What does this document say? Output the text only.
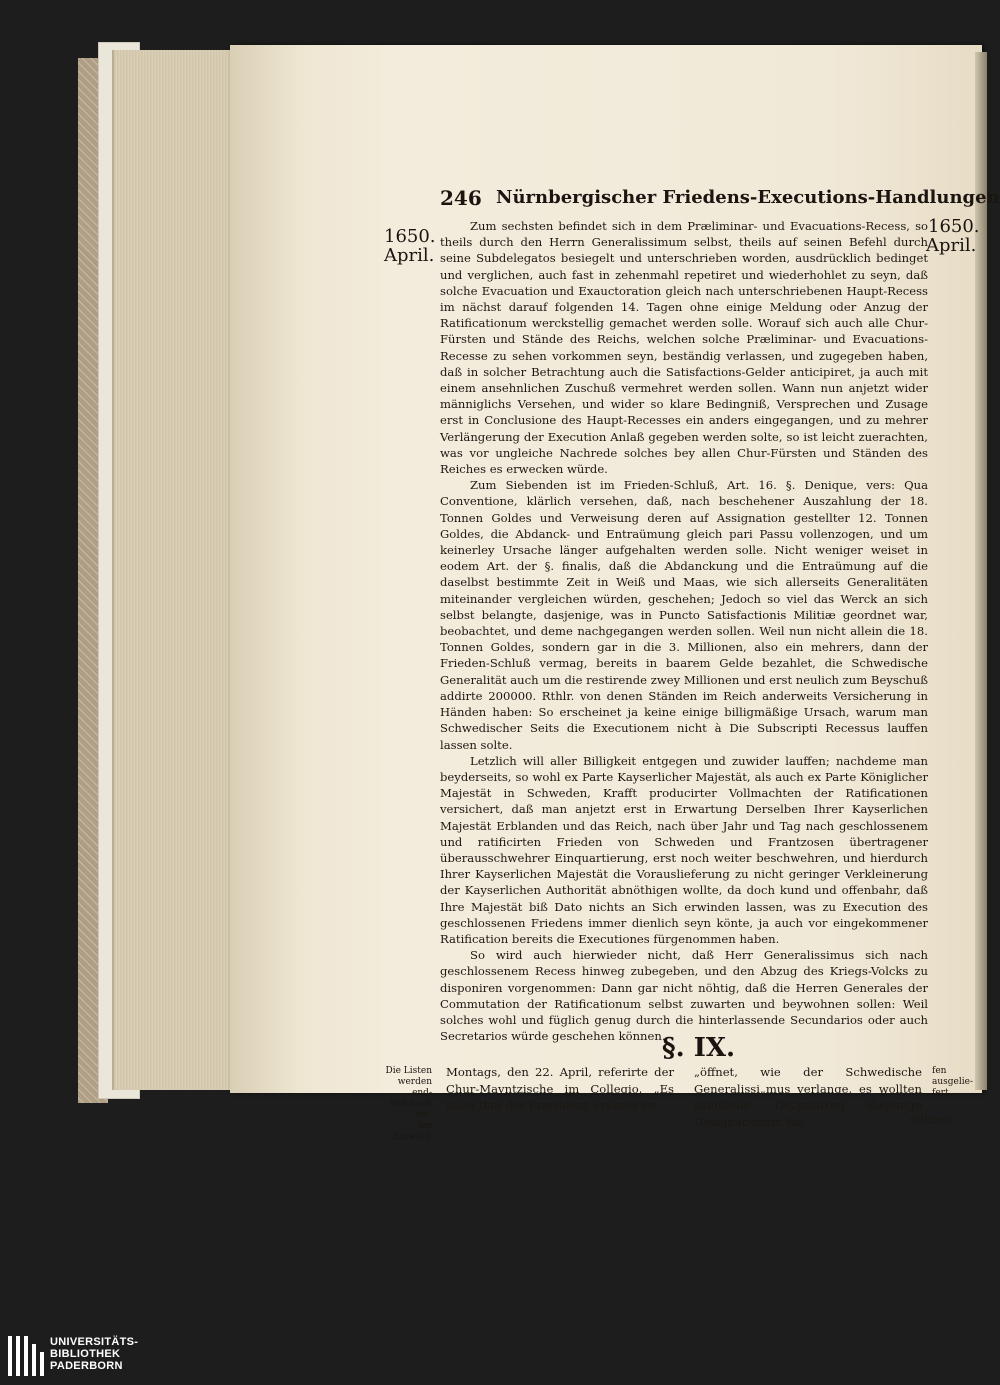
246 Nürnbergischer Friedens-Executions-Handlungen
1650.
April.
1650.
April.

Zum sechsten befindet sich in dem Præliminar- und Evacuations-Recess, so theils durch den Herrn Generalissimum selbst, theils auf seinen Befehl durch seine Subdelegatos besiegelt und unterschrieben worden, ausdrücklich bedinget und verglichen, auch fast in zehenmahl repetiret und wiederhohlet zu seyn, daß solche Evacuation und Exauctoration gleich nach unterschriebenen Haupt-Recess im nächst darauf folgenden 14. Tagen ohne einige Meldung oder Anzug der Ratificationum werckstellig gemachet werden solle. Worauf sich auch alle Chur-Fürsten und Stände des Reichs, welchen solche Præliminar- und Evacuations-Recesse zu sehen vorkommen seyn, beständig verlassen, und zugegeben haben, daß in solcher Betrachtung auch die Satisfactions-Gelder anticipiret, ja auch mit einem ansehnlichen Zuschuß vermehret werden sollen. Wann nun anjetzt wider männiglichs Versehen, und wider so klare Bedingniß, Versprechen und Zusage erst in Conclusione des Haupt-Recesses ein anders eingegangen, und zu mehrer Verlängerung der Execution Anlaß gegeben werden solte, so ist leicht zuerachten, was vor ungleiche Nachrede solches bey allen Chur-Fürsten und Ständen des Reiches es erwecken würde.

Zum Siebenden ist im Frieden-Schluß, Art. 16. §. Denique, vers: Qua Conventione, klärlich versehen, daß, nach beschehener Auszahlung der 18. Tonnen Goldes und Verweisung deren auf Assignation gestellter 12. Tonnen Goldes, die Abdanck- und Entraümung gleich pari Passu vollenzogen, und um keinerley Ursache länger aufgehalten werden solle. Nicht weniger weiset in eodem Art. der §. finalis, daß die Abdanckung und die Entraümung auf die daselbst bestimmte Zeit in Weiß und Maas, wie sich allerseits Generalitäten miteinander vergleichen würden, geschehen; Jedoch so viel das Werck an sich selbst belangte, dasjenige, was in Puncto Satisfactionis Militiæ geordnet war, beobachtet, und deme nachgegangen werden sollen. Weil nun nicht allein die 18. Tonnen Goldes, sondern gar in die 3. Millionen, also ein mehrers, dann der Frieden-Schluß vermag, bereits in baarem Gelde bezahlet, die Schwedische Generalität auch um die restirende zwey Millionen und erst neulich zum Beyschuß addirte 200000. Rthlr. von denen Ständen im Reich anderweits Versicherung in Händen haben: So erscheinet ja keine einige billigmäßige Ursach, warum man Schwedischer Seits die Executionem nicht à Die Subscripti Recessus lauffen lassen solte.

Letzlich will aller Billigkeit entgegen und zuwider lauffen; nachdeme man beyderseits, so wohl ex Parte Kayserlicher Majestät, als auch ex Parte Königlicher Majestät in Schweden, Krafft producirter Vollmachten der Ratificationen versichert, daß man anjetzt erst in Erwartung Derselben Ihrer Kayserlichen Majestät Erblanden und das Reich, nach über Jahr und Tag nach geschlossenem und ratificirten Frieden von Schweden und Frantzosen übertragener überausschwehrer Einquartierung, erst noch weiter beschwehren, und hierdurch Ihrer Kayserlichen Majestät die Vorauslieferung zu nicht geringer Verkleinerung der Kayserlichen Authorität abnöthigen wollte, da doch kund und offenbahr, daß Ihre Majestät biß Dato nichts an Sich erwinden lassen, was zu Execution des geschlossenen Friedens immer dienlich seyn könte, ja auch vor eingekommener Ratification bereits die Executiones fürgenommen haben.

So wird auch hierwieder nicht, daß Herr Generalissimus sich nach geschlossenem Recess hinweg zubegeben, und den Abzug des Kriegs-Volcks zu disponiren vorgenommen: Dann gar nicht nöhtig, daß die Herren Generales der Commutation der Ratificationum selbst zuwarten und beywohnen sollen: Weil solches wohl und füglich genug durch die hinterlassende Secundarios oder auch Secretarios würde geschehen können.

§. IX.
Die Listen
werden end-
lich nach vie-
len Einwürf-
Montags, den 22. April, referirte der Chur-Mayntzische im Collegio, „Es habe Ihm der Præsident Erskein er-
„öffnet, wie der Schwedische Generalissi„mus verlange, es wollten sämtliche De„putirten diejenige Designationem Re-
fen ausgelie-
fert.
stituen-
UNIVERSITÄTS-
BIBLIOTHEK
PADERBORN
